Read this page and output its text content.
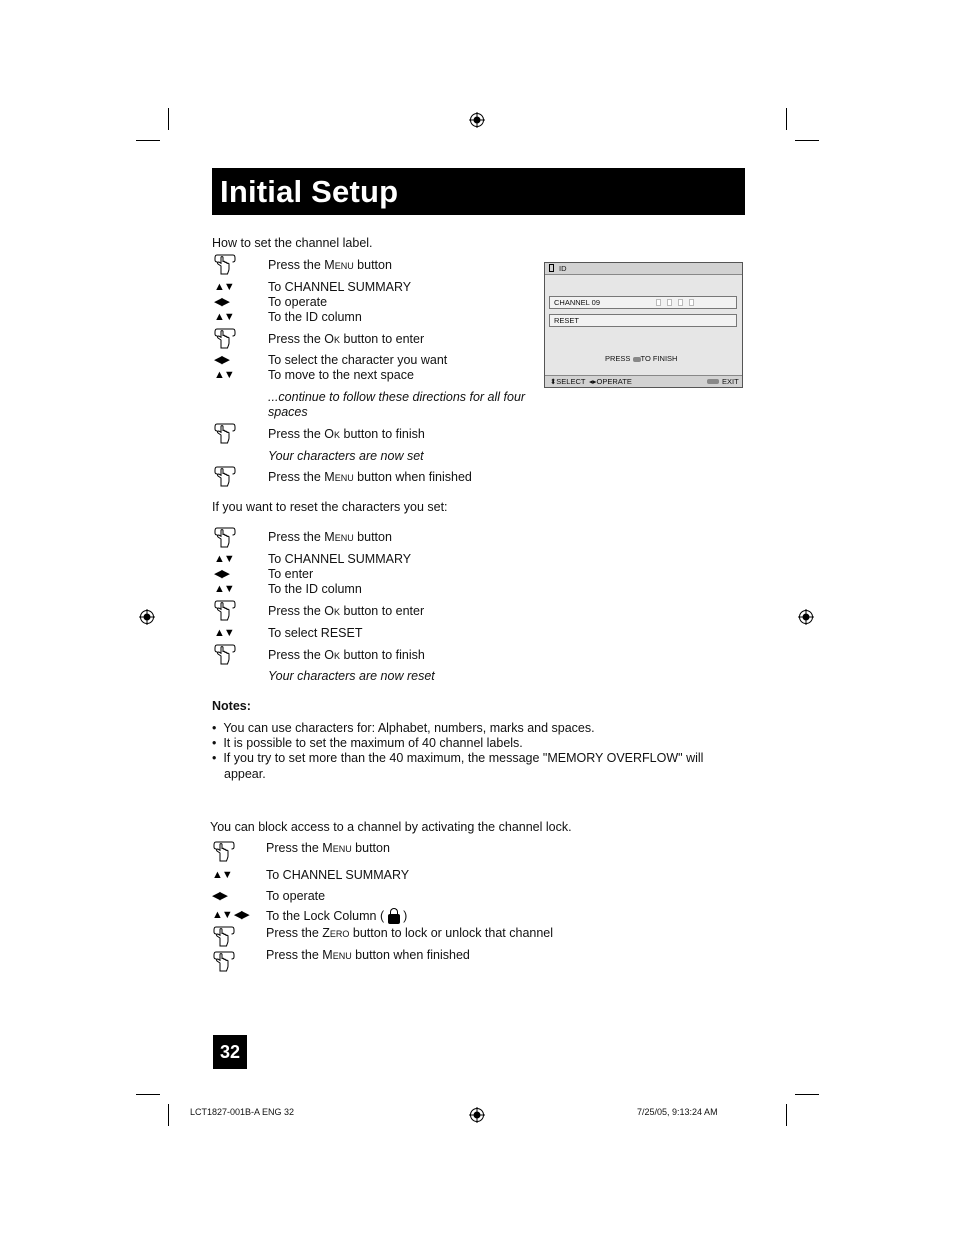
Initial Setup
How to set the channel label.
Press the Menu button
▲▼	To CHANNEL SUMMARY
◀▶	To operate
▲▼	To the ID column
Press the Ok button to enter
◀▶	To select the character you want
▲▼	To move to the next space
...continue to follow these directions for all four
spaces
Press the Ok button to finish
Your characters are now set
Press the Menu button when finished
ID
CHANNEL 09
RESET
PRESS TO FINISH
⬍SELECT ◂▸OPERATE	EXIT
If you want to reset the characters you set:
Press the Menu button
▲▼	To CHANNEL SUMMARY
◀▶	To enter
▲▼	To the ID column
Press the Ok button to enter
▲▼	To select RESET
Press the Ok button to finish
Your characters are now reset
Notes:
•  You can use characters for: Alphabet, numbers, marks and spaces.
•  It is possible to set the maximum of 40 channel labels.
•  If you try to set more than the 40 maximum, the message "MEMORY OVERFLOW" will
appear.
You can block access to a channel by activating the channel lock.
Press the Menu button
▲▼	To CHANNEL SUMMARY
◀▶	To operate
▲▼ ◀▶ To the Lock Column (
)
Press the Zero button to lock or unlock that channel
Press the Menu button when finished
32
LCT1827-001B-A ENG 32	7/25/05, 9:13:24 AM
